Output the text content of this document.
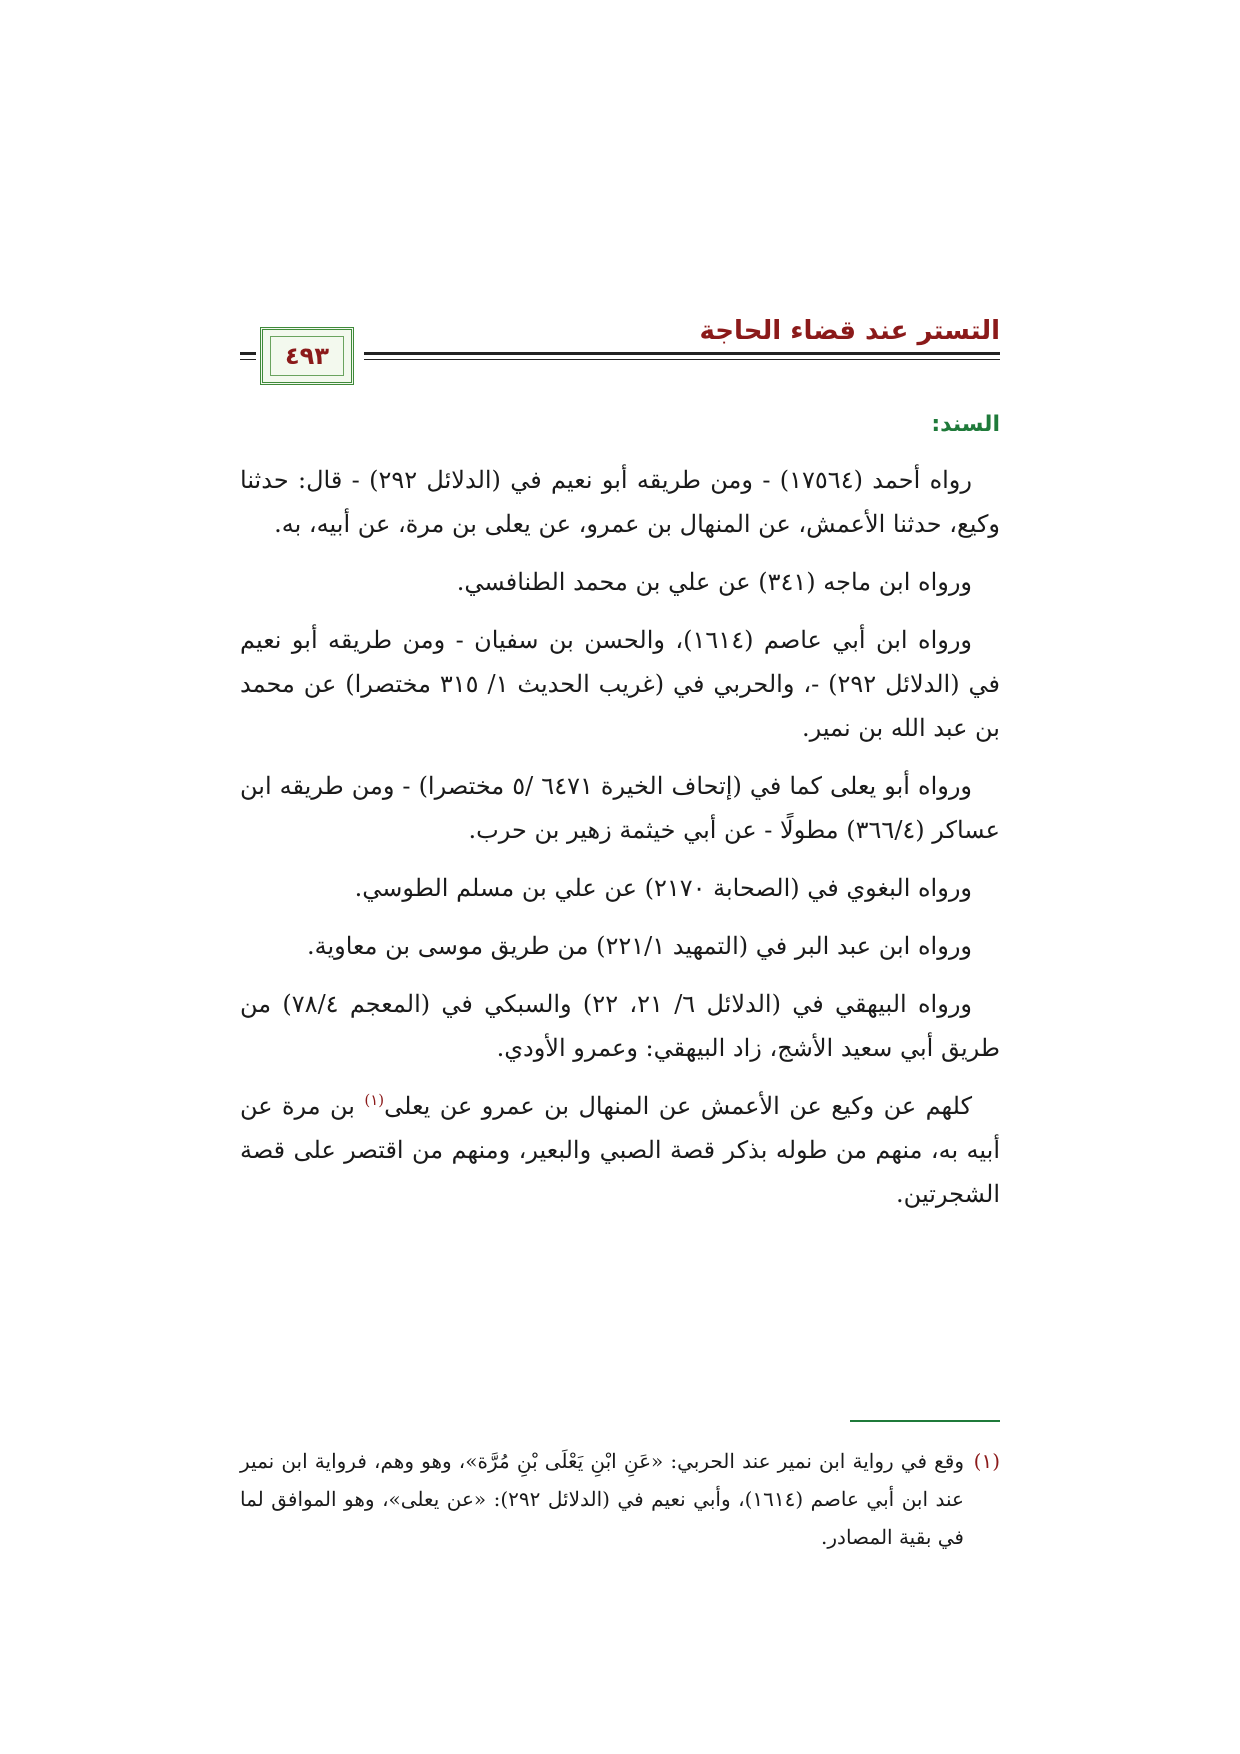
التستر عند قضاء الحاجة
٤٩٣
السند:

رواه أحمد (١٧٥٦٤) - ومن طريقه أبو نعيم في (الدلائل ٢٩٢) - قال: حدثنا وكيع، حدثنا الأعمش، عن المنهال بن عمرو، عن يعلى بن مرة، عن أبيه، به.

ورواه ابن ماجه (٣٤١) عن علي بن محمد الطنافسي.

ورواه ابن أبي عاصم (١٦١٤)، والحسن بن سفيان - ومن طريقه أبو نعيم في (الدلائل ٢٩٢) -، والحربي في (غريب الحديث ١/ ٣١٥ مختصرا) عن محمد بن عبد الله بن نمير.

ورواه أبو يعلى كما في (إتحاف الخيرة ٦٤٧١ /٥ مختصرا) - ومن طريقه ابن عساكر (٣٦٦/٤) مطولًا - عن أبي خيثمة زهير بن حرب.

ورواه البغوي في (الصحابة ٢١٧٠) عن علي بن مسلم الطوسي.

ورواه ابن عبد البر في (التمهيد ٢٢١/١) من طريق موسى بن معاوية.

ورواه البيهقي في (الدلائل ٦/ ٢١، ٢٢) والسبكي في (المعجم ٧٨/٤) من طريق أبي سعيد الأشج، زاد البيهقي: وعمرو الأودي.

كلهم عن وكيع عن الأعمش عن المنهال بن عمرو عن يعلى$^{(١)}$ بن مرة عن أبيه به، منهم من طوله بذكر قصة الصبي والبعير، ومنهم من اقتصر على قصة الشجرتين.

(١)وقع في رواية ابن نمير عند الحربي: «عَنِ ابْنِ يَعْلَى بْنِ مُرَّة»، وهو وهم، فرواية ابن نمير عند ابن أبي عاصم (١٦١٤)، وأبي نعيم في (الدلائل ٢٩٢): «عن يعلى»، وهو الموافق لما في بقية المصادر.
